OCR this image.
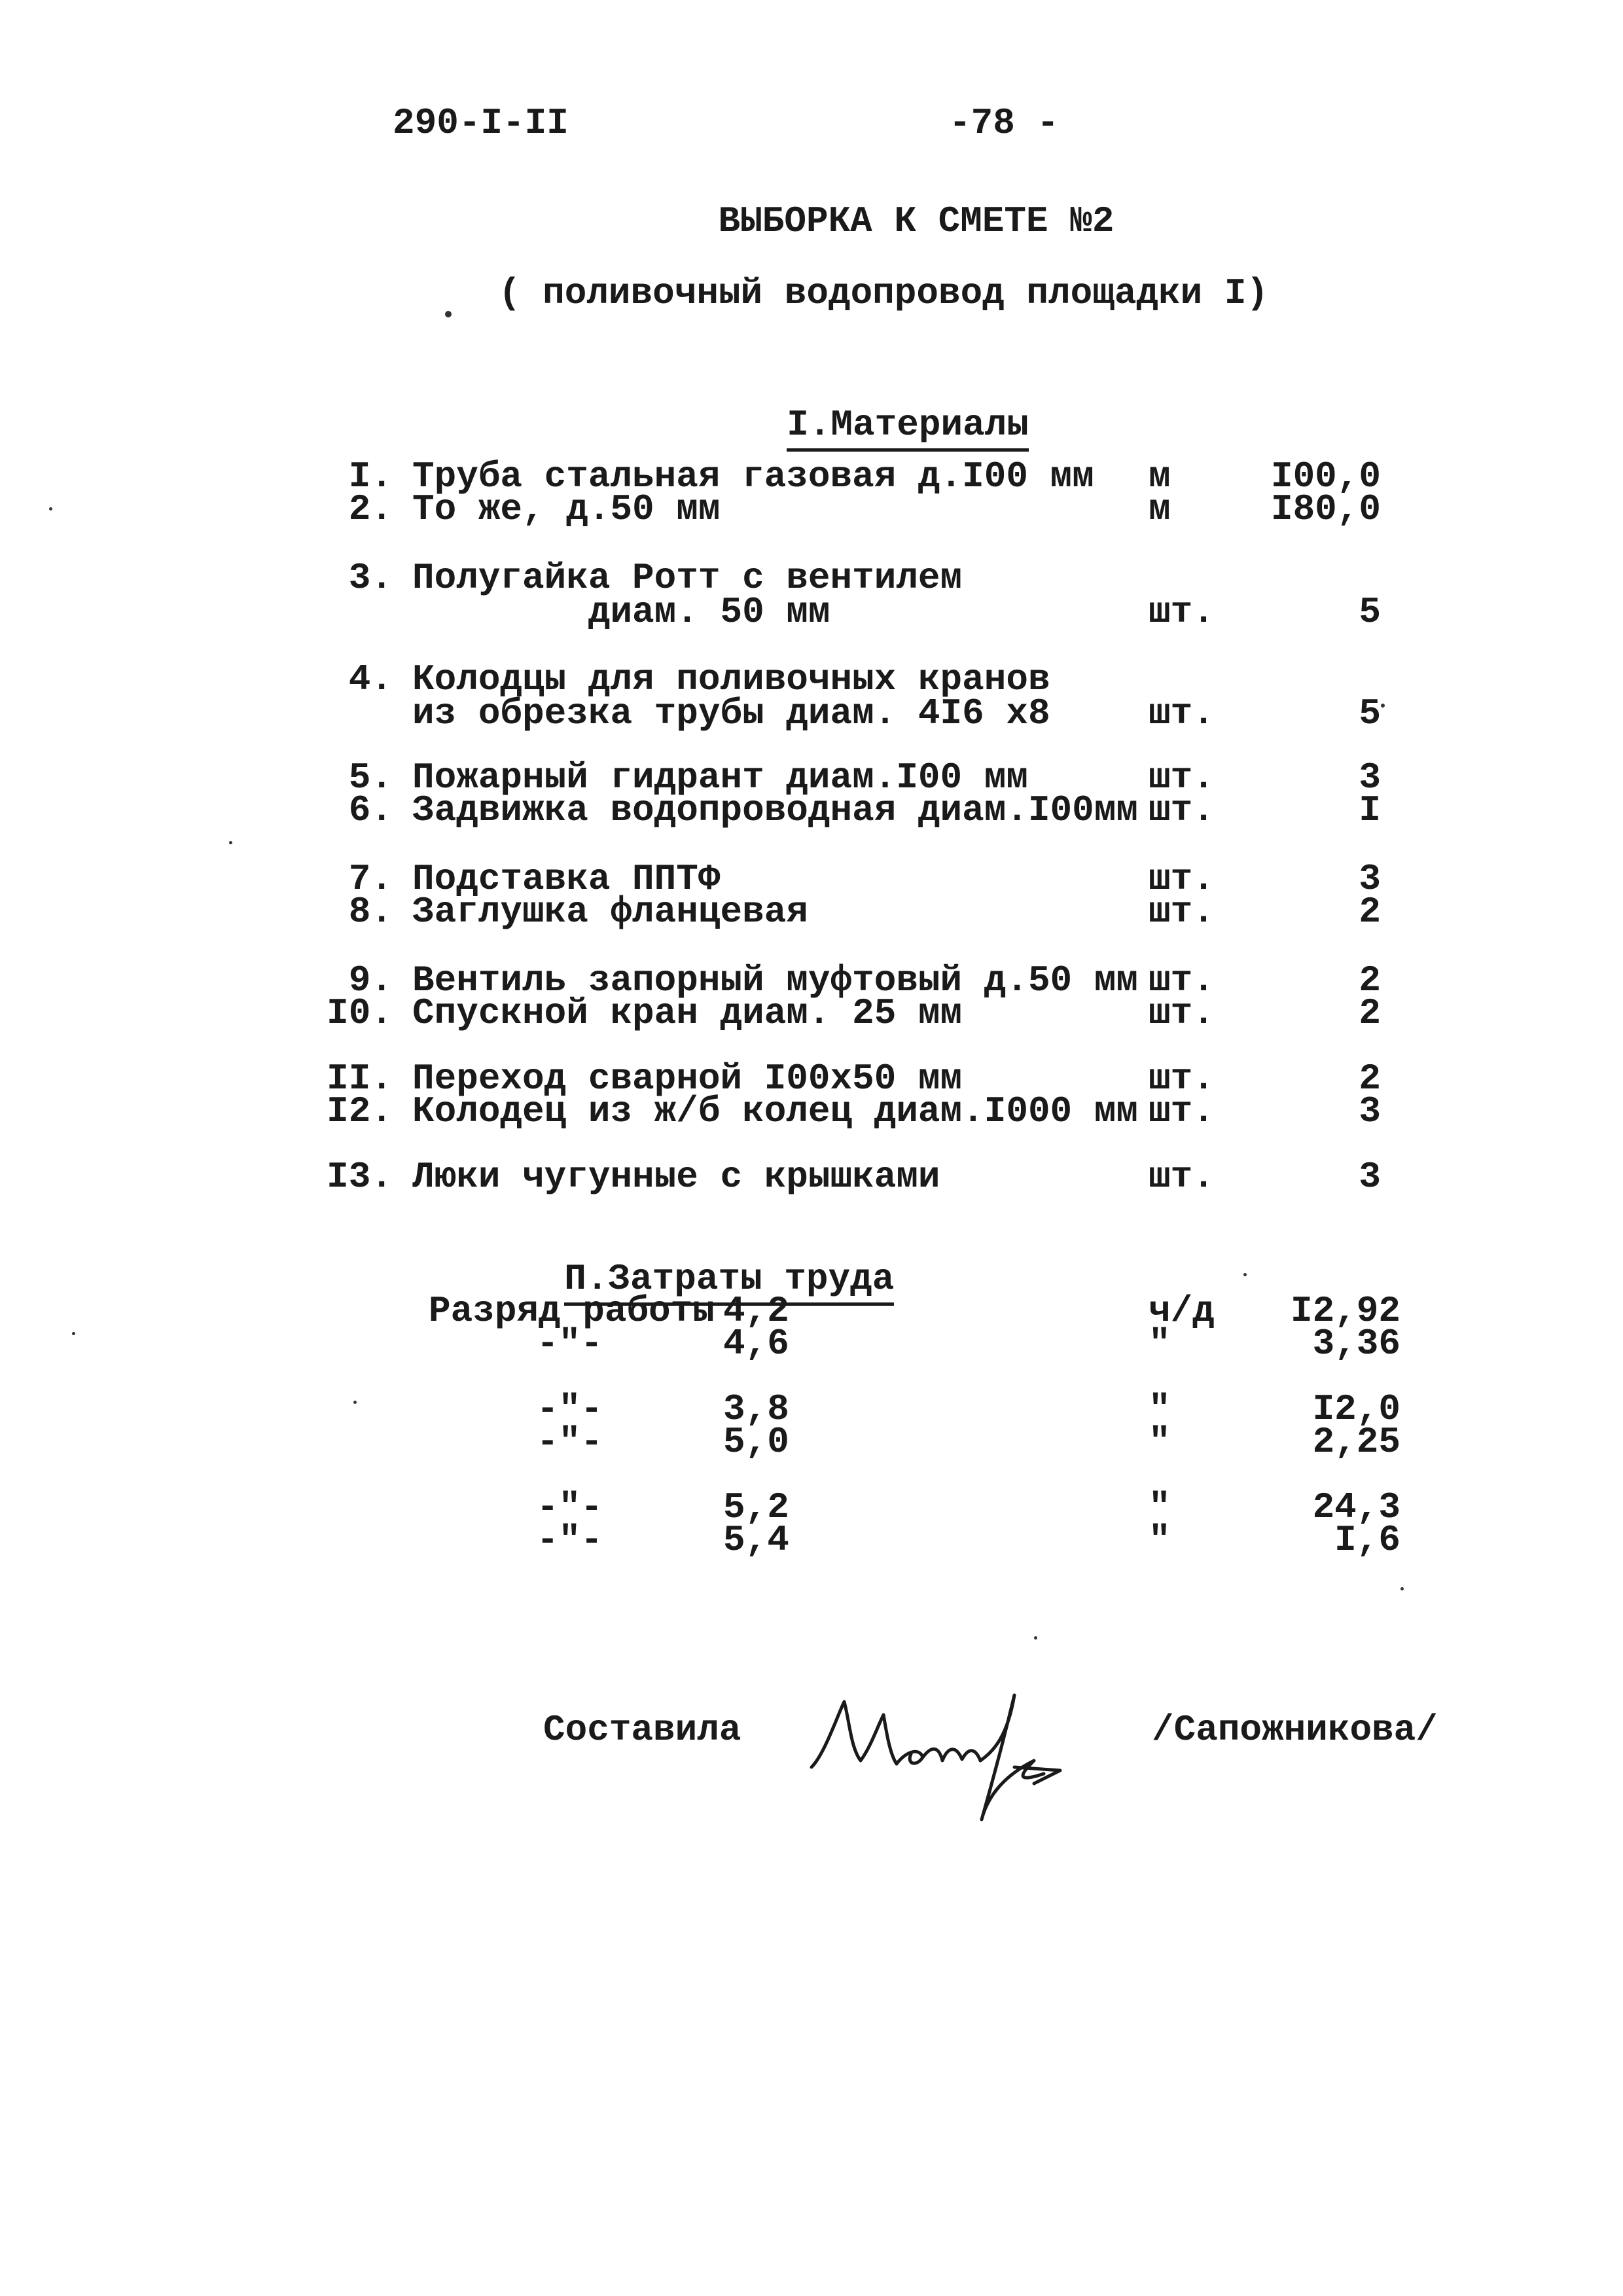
290-I-II	-78 -
ВЫБОРКА К СМЕТЕ №2
( поливочный водопровод площадки I)

I.Материалы

I. Труба стальная газовая д.I00 мм м	I00,0
2. То же, д.50 мм	м	I80,0
3. Полугайка Ротт с вентилем
диам. 50 мм	шт.	5
4. Колодцы для поливочных кранов
из обрезка трубы диам. 4I6 х8	шт.	5
5. Пожарный гидрант диам.I00 мм	шт.	3
6. Задвижка водопроводная диам.I00мм шт.	I
7. Подставка ППТФ	шт.	3
8. Заглушка фланцевая	шт.	2
9. Вентиль запорный муфтовый д.50 мм шт.	2
I0. Спускной кран диам. 25 мм	шт.	2
II. Переход сварной I00х50 мм	шт.	2
I2. Колодец из ж/б колец диам.I000 мм шт.	3
I3. Люки чугунные с крышками	шт.	3

П.Затраты труда

Разряд работы 4,2	ч/д	I2,92
-"-	4,6	"	3,36
-"-	3,8	"	I2,0
-"-	5,0	"	2,25
-"-	5,2	"	24,3
-"-	5,4	"	I,6
Составила	/Сапожникова/
